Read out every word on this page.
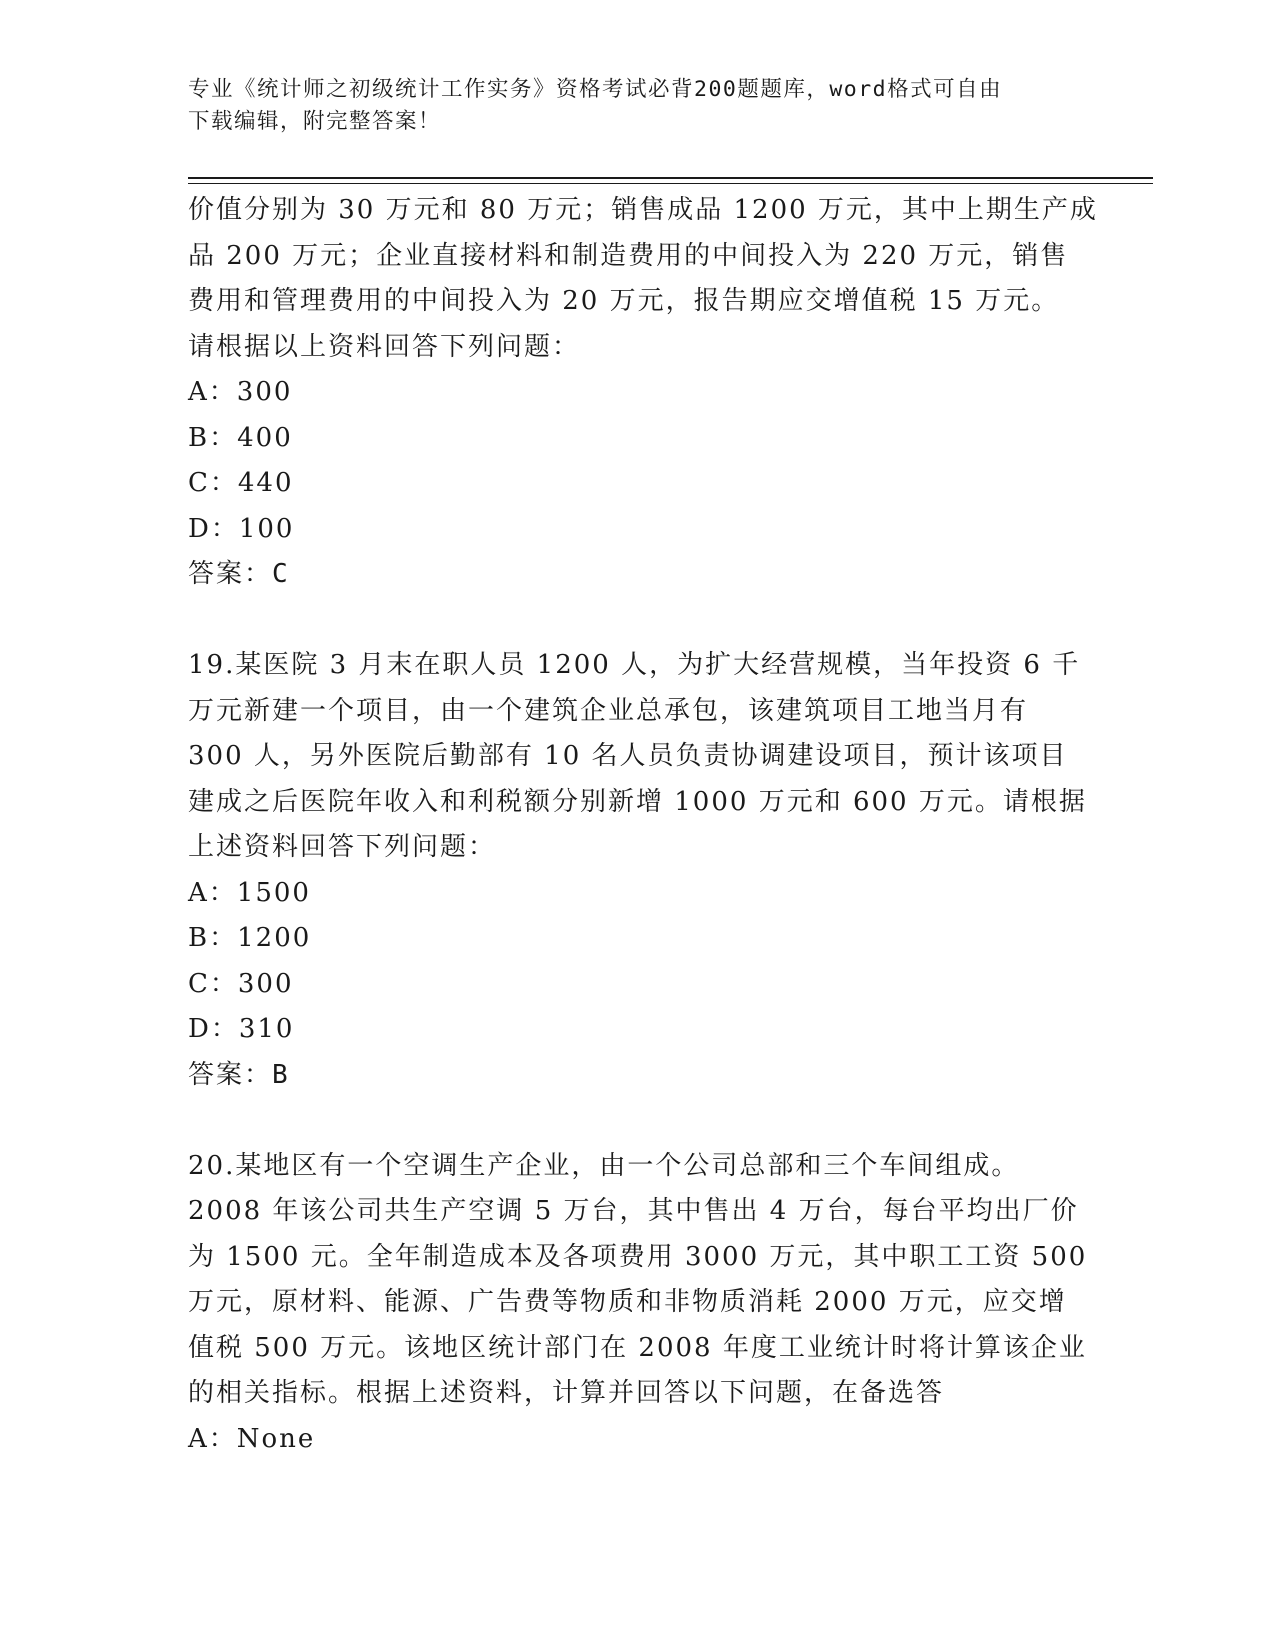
专业《统计师之初级统计工作实务》资格考试必背200题题库，word格式可自由
下载编辑，附完整答案！
价值分别为 30 万元和 80 万元；销售成品 1200 万元，其中上期生产成
品 200 万元；企业直接材料和制造费用的中间投入为 220 万元，销售
费用和管理费用的中间投入为 20 万元，报告期应交增值税 15 万元。
请根据以上资料回答下列问题：
A：300
B：400
C：440
D：100
答案：C
19.某医院 3 月末在职人员 1200 人，为扩大经营规模，当年投资 6 千
万元新建一个项目，由一个建筑企业总承包，该建筑项目工地当月有
300 人，另外医院后勤部有 10 名人员负责协调建设项目，预计该项目
建成之后医院年收入和利税额分别新增 1000 万元和 600 万元。请根据
上述资料回答下列问题：
A：1500
B：1200
C：300
D：310
答案：B
20.某地区有一个空调生产企业，由一个公司总部和三个车间组成。
2008 年该公司共生产空调 5 万台，其中售出 4 万台，每台平均出厂价
为 1500 元。全年制造成本及各项费用 3000 万元，其中职工工资 500
万元，原材料、能源、广告费等物质和非物质消耗 2000 万元，应交增
值税 500 万元。该地区统计部门在 2008 年度工业统计时将计算该企业
的相关指标。根据上述资料，计算并回答以下问题，在备选答
A：None
